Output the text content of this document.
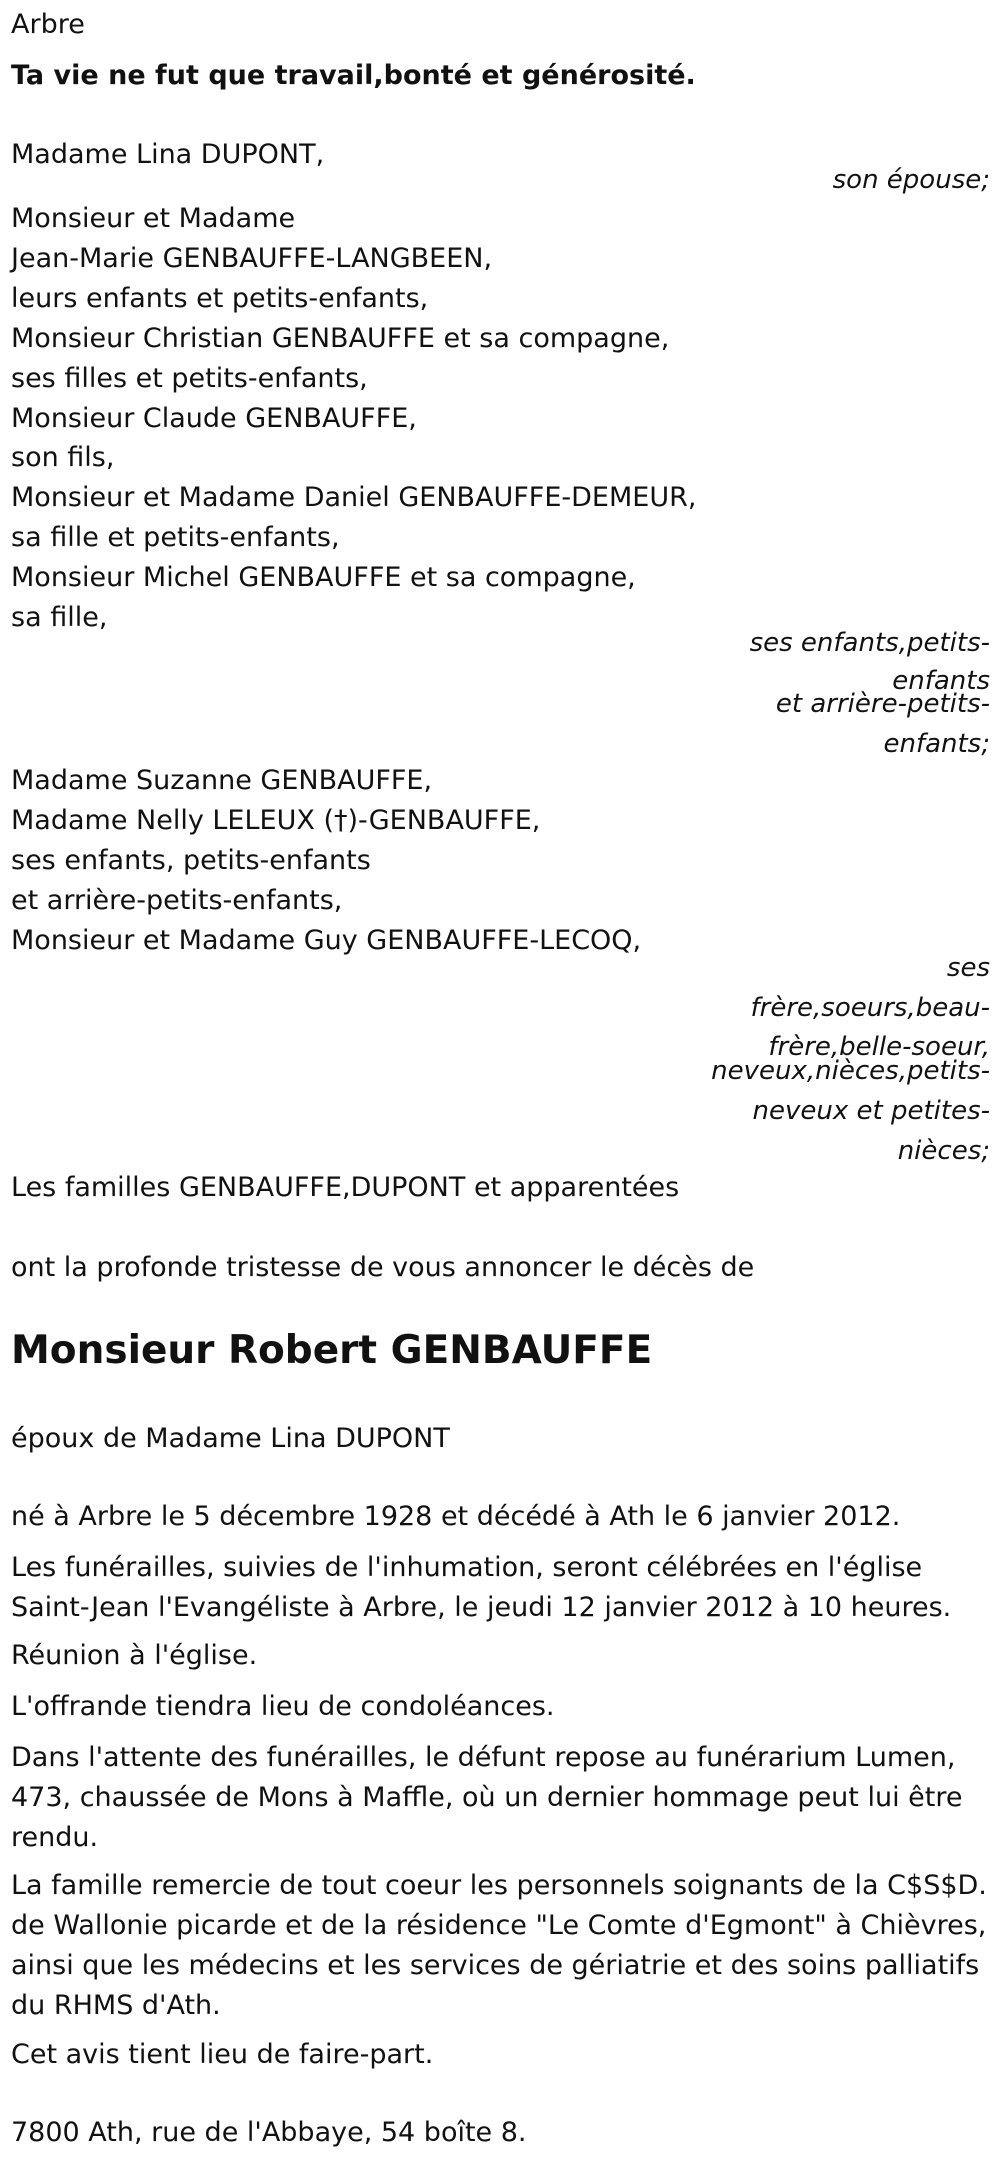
Arbre
Ta vie ne fut que travail,bonté et générosité.
Madame Lina DUPONT,
son épouse;
Monsieur et Madame
Jean-Marie GENBAUFFE-LANGBEEN,
leurs enfants et petits-enfants,
Monsieur Christian GENBAUFFE et sa compagne,
ses filles et petits-enfants,
Monsieur Claude GENBAUFFE,
son fils,
Monsieur et Madame Daniel GENBAUFFE-DEMEUR,
sa fille et petits-enfants,
Monsieur Michel GENBAUFFE et sa compagne,
sa fille,
ses enfants,petits-
enfants
et arrière-petits-
enfants;
Madame Suzanne GENBAUFFE,
Madame Nelly LELEUX (†)-GENBAUFFE,
ses enfants, petits-enfants
et arrière-petits-enfants,
Monsieur et Madame Guy GENBAUFFE-LECOQ,
ses
frère,soeurs,beau-
frère,belle-soeur,
neveux,nièces,petits-
neveux et petites-
nièces;
Les familles GENBAUFFE,DUPONT et apparentées
ont la profonde tristesse de vous annoncer le décès de
Monsieur Robert GENBAUFFE
époux de Madame Lina DUPONT
né à Arbre le 5 décembre 1928 et décédé à Ath le 6 janvier 2012.
Les funérailles, suivies de l'inhumation, seront célébrées en l'église
Saint-Jean l'Evangéliste à Arbre, le jeudi 12 janvier 2012 à 10 heures.
Réunion à l'église.
L'offrande tiendra lieu de condoléances.
Dans l'attente des funérailles, le défunt repose au funérarium Lumen,
473, chaussée de Mons à Maffle, où un dernier hommage peut lui être
rendu.
La famille remercie de tout coeur les personnels soignants de la C$S$D.
de Wallonie picarde et de la résidence "Le Comte d'Egmont" à Chièvres,
ainsi que les médecins et les services de gériatrie et des soins palliatifs
du RHMS d'Ath.
Cet avis tient lieu de faire-part.
7800 Ath, rue de l'Abbaye, 54 boîte 8.
